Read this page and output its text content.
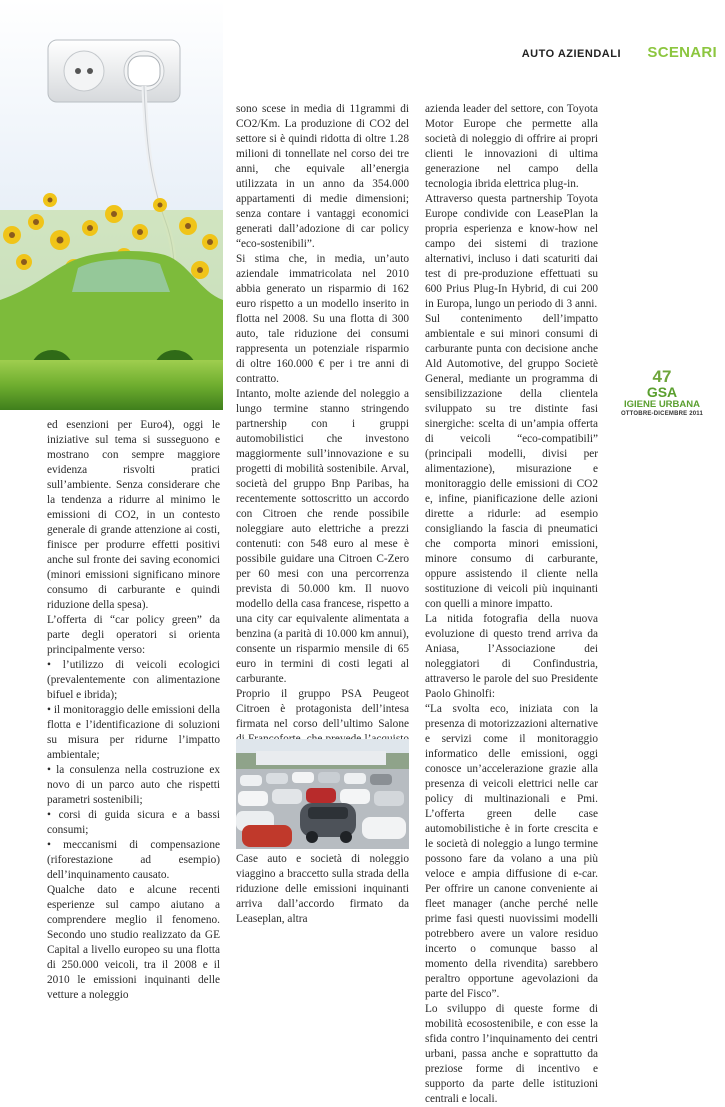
AUTO AZIENDALI SCENARI
47
GSA
IGIENE URBANA
OTTOBRE-DICEMBRE 2011

ed esenzioni per Euro4), oggi le iniziative sul tema si susseguono e mostrano con sempre maggiore evidenza risvolti pratici sull’ambiente. Senza considerare che la tendenza a ridurre al minimo le emissioni di CO2, in un contesto generale di grande attenzione ai costi, finisce per produrre effetti positivi anche sul fronte dei saving economici (minori emissioni significano minore consumo di carburante e quindi riduzione della spesa).

L’offerta di “car policy green” da parte degli operatori si orienta principalmente verso:

• l’utilizzo di veicoli ecologici (prevalentemente con alimentazione bifuel e ibrida);

• il monitoraggio delle emissioni della flotta e l’identificazione di soluzioni su misura per ridurne l’impatto ambientale;

• la consulenza nella costruzione ex novo di un parco auto che rispetti parametri sostenibili;

• corsi di guida sicura e a bassi consumi;

• meccanismi di compensazione (riforestazione ad esempio) dell’inquinamento causato.

Qualche dato e alcune recenti esperienze sul campo aiutano a comprendere meglio il fenomeno. Secondo uno studio realizzato da GE Capital a livello europeo su una flotta di 250.000 veicoli, tra il 2008 e il 2010 le emissioni inquinanti delle vetture a noleggio

sono scese in media di 11grammi di CO2/Km. La produzione di CO2 del settore si è quindi ridotta di oltre 1.28 milioni di tonnellate nel corso dei tre anni, che equivale all’energia utilizzata in un anno da 354.000 appartamenti di medie dimensioni; senza contare i vantaggi economici generati dall’adozione di car policy “eco-sostenibili”.

Si stima che, in media, un’auto aziendale immatricolata nel 2010 abbia generato un risparmio di 162 euro rispetto a un modello inserito in flotta nel 2008. Su una flotta di 300 auto, tale riduzione dei consumi rappresenta un potenziale risparmio di oltre 160.000 € per i tre anni di contratto.

Intanto, molte aziende del noleggio a lungo termine stanno stringendo partnership con i gruppi automobilistici che investono maggiormente sull’innovazione e su progetti di mobilità sostenibile. Arval, società del gruppo Bnp Paribas, ha recentemente sottoscritto un accordo con Citroen che rende possibile noleggiare auto elettriche a prezzi contenuti: con 548 euro al mese è possibile guidare una Citroen C-Zero per 60 mesi con una percorrenza prevista di 50.000 km. Il nuovo modello della casa francese, rispetto a una city car equivalente alimentata a benzina (a parità di 10.000 km annui), consente un risparmio mensile di 65 euro in termini di costi legati al carburante.

Proprio il gruppo PSA Peugeot Citroen è protagonista dell’intesa firmata nel corso dell’ultimo Salone Case auto e società di noleggio viaggino a braccetto sulla strada della riduzione delle emissioni inquinanti arriva dall’accordo firmato da Leaseplan, altra

azienda leader del settore, con Toyota Motor Europe che permette alla società di noleggio di offrire ai propri clienti le innovazioni di ultima generazione nel campo della tecnologia ibrida elettrica plug-in.

Attraverso questa partnership Toyota Europe condivide con LeasePlan la propria esperienza e know-how nel campo dei sistemi di trazione alternativi, incluso i dati scaturiti dai test di pre-produzione effettuati su 600 Prius Plug-In Hybrid, di cui 200 in Europa, lungo un periodo di 3 anni.

Sul contenimento dell’impatto ambientale e sui minori consumi di carburante punta con decisione anche Ald Automotive, del gruppo Societè General, mediante un programma di sensibilizzazione della clientela sviluppato su tre distinte fasi sinergiche: scelta di un’ampia offerta di veicoli “eco-compatibili” (principali modelli, divisi per alimentazione), misurazione e monitoraggio delle emissioni di CO2 e, infine, pianificazione delle azioni dirette a ridurle: ad esempio consigliando la fascia di pneumatici che comporta minori emissioni, minore consumo di carburante, oppure assistendo il cliente nella sostituzione di veicoli più inquinanti con quelli a minore impatto.

La nitida fotografia della nuova evoluzione di questo trend arriva da Aniasa, l’Associazione dei noleggiatori di Confindustria, attraverso le parole del suo Presidente Paolo Ghinolfi:

“La svolta eco, iniziata con la presenza di motorizzazioni alternative e servizi come il monitoraggio informatico delle emissioni, oggi conosce un’accelerazione grazie alla presenza di veicoli elettrici nelle car policy di multinazionali e Pmi. L’offerta green delle case automobilistiche è in forte crescita e le società di noleggio a lungo termine possono fare da volano a una più veloce e ampia diffusione di e-car. Per offrire un canone conveniente ai fleet manager (anche perché nelle prime fasi questi nuovissimi modelli potrebbero avere un valore residuo incerto o comunque basso al momento della rivendita) sarebbero peraltro opportune agevolazioni da parte del Fisco”.

Lo sviluppo di queste forme di mobilità ecosostenibile, e con esse la sfida contro l’inquinamento dei centri urbani, passa anche e soprattutto da preziose forme di incentivo e supporto da parte delle istituzioni centrali e locali.
